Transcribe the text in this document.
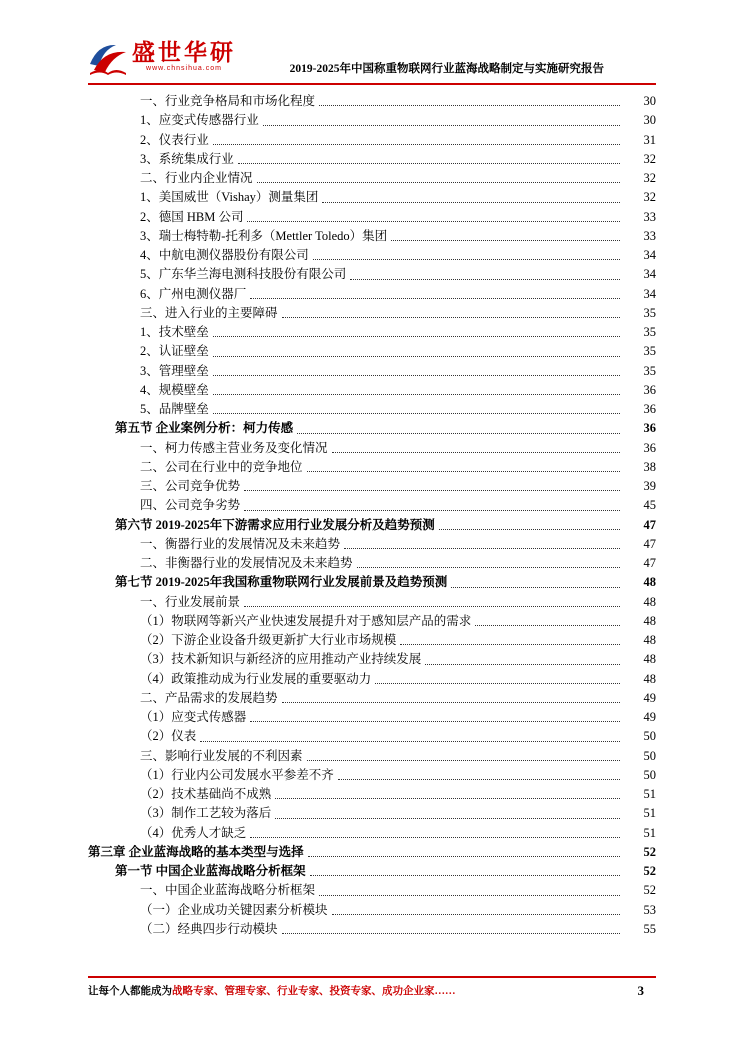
盛世华研
www.chnsihua.com	2019-2025年中国称重物联网行业蓝海战略制定与实施研究报告
一、行业竞争格局和市场化程度	30
1、应变式传感器行业	30
2、仪表行业	31
3、系统集成行业	32
二、行业内企业情况	32
1、美国威世（Vishay）测量集团	32
2、德国 HBM 公司	33
3、瑞士梅特勒-托利多（Mettler Toledo）集团	33
4、中航电测仪器股份有限公司	34
5、广东华兰海电测科技股份有限公司	34
6、广州电测仪器厂	34
三、进入行业的主要障碍	35
1、技术壁垒	35
2、认证壁垒	35
3、管理壁垒	35
4、规模壁垒	36
5、品牌壁垒	36
第五节 企业案例分析：柯力传感	36
一、柯力传感主营业务及变化情况	36
二、公司在行业中的竞争地位	38
三、公司竞争优势	39
四、公司竞争劣势	45
第六节 2019-2025年下游需求应用行业发展分析及趋势预测	47
一、衡器行业的发展情况及未来趋势	47
二、非衡器行业的发展情况及未来趋势	47
第七节 2019-2025年我国称重物联网行业发展前景及趋势预测	48
一、行业发展前景	48
（1）物联网等新兴产业快速发展提升对于感知层产品的需求	48
（2）下游企业设备升级更新扩大行业市场规模	48
（3）技术新知识与新经济的应用推动产业持续发展	48
（4）政策推动成为行业发展的重要驱动力	48
二、产品需求的发展趋势	49
（1）应变式传感器	49
（2）仪表	50
三、影响行业发展的不利因素	50
（1）行业内公司发展水平参差不齐	50
（2）技术基础尚不成熟	51
（3）制作工艺较为落后	51
（4）优秀人才缺乏	51
第三章 企业蓝海战略的基本类型与选择	52
第一节 中国企业蓝海战略分析框架	52
一、中国企业蓝海战略分析框架	52
（一）企业成功关键因素分析模块	53
（二）经典四步行动模块	55
让每个人都能成为战略专家、管理专家、行业专家、投资专家、成功企业家……	3
